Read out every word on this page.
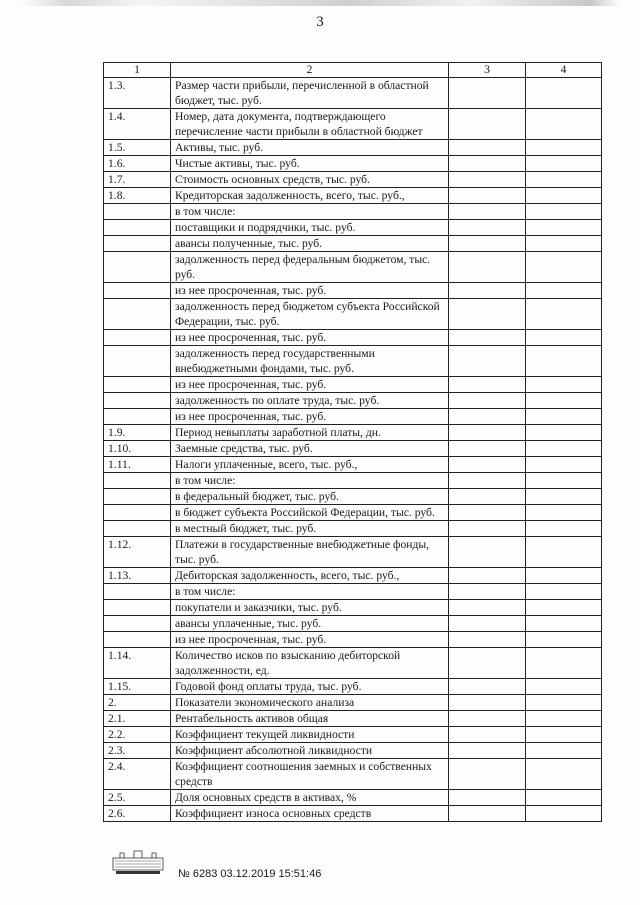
3
1	2	3	4
1.3.	Размер части прибыли, перечисленной в областной бюджет, тыс. руб.		
1.4.	Номер, дата документа, подтверждающего перечисление части прибыли в областной бюджет		
1.5.	Активы, тыс. руб.		
1.6.	Чистые активы, тыс. руб.		
1.7.	Стоимость основных средств, тыс. руб.		
1.8.	Кредиторская задолженность, всего, тыс. руб.,		
	в том числе:		
	поставщики и подрядчики, тыс. руб.		
	авансы полученные, тыс. руб.		
	задолженность перед федеральным бюджетом, тыс. руб.		
	из нее просроченная, тыс. руб.		
	задолженность перед бюджетом субъекта Российской Федерации, тыс. руб.		
	из нее просроченная, тыс. руб.		
	задолженность перед государственными внебюджетными фондами, тыс. руб.		
	из нее просроченная, тыс. руб.		
	задолженность по оплате труда, тыс. руб.		
	из нее просроченная, тыс. руб.		
1.9.	Период невыплаты заработной платы, дн.		
1.10.	Заемные средства, тыс. руб.		
1.11.	Налоги уплаченные, всего, тыс. руб.,		
	в том числе:		
	в федеральный бюджет, тыс. руб.		
	в бюджет субъекта Российской Федерации, тыс. руб.		
	в местный бюджет, тыс. руб.		
1.12.	Платежи в государственные внебюджетные фонды, тыс. руб.		
1.13.	Дебиторская задолженность, всего, тыс. руб.,		
	в том числе:		
	покупатели и заказчики, тыс. руб.		
	авансы уплаченные, тыс. руб.		
	из нее просроченная, тыс. руб.		
1.14.	Количество исков по взысканию дебиторской задолженности, ед.		
1.15.	Годовой фонд оплаты труда, тыс. руб.		
2.	Показатели экономического анализа		
2.1.	Рентабельность активов общая		
2.2.	Коэффициент текущей ликвидности		
2.3.	Коэффициент абсолютной ликвидности		
2.4.	Коэффициент соотношения заемных и собственных средств		
2.5.	Доля основных средств в активах, %		
2.6.	Коэффициент износа основных средств		
№ 6283 03.12.2019 15:51:46
